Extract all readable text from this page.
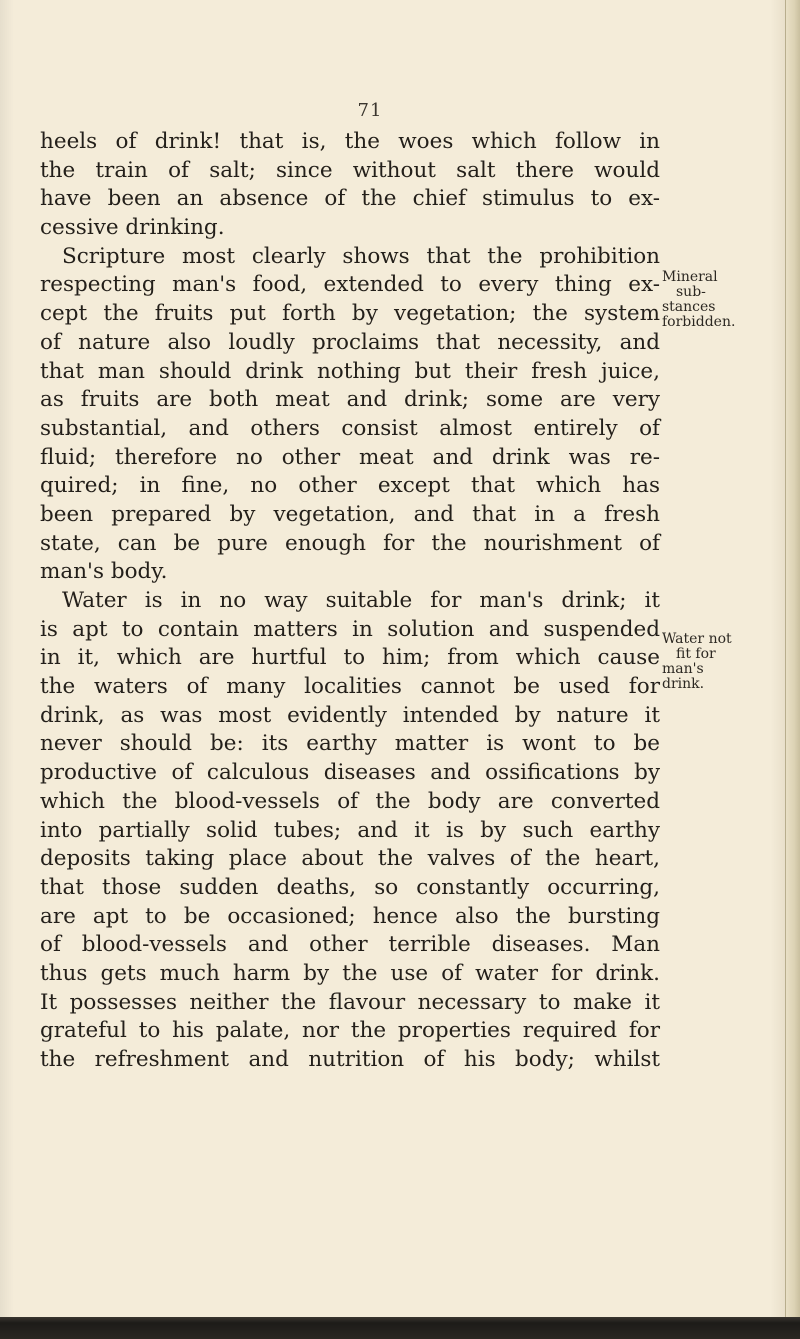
71
heels of drink! that is, the woes which follow in
the train of salt; since without salt there would
have been an absence of the chief stimulus to ex-
cessive drinking.
Scripture most clearly shows that the prohibition
respecting man's food, extended to every thing ex-
cept the fruits put forth by vegetation; the system
of nature also loudly proclaims that necessity, and
that man should drink nothing but their fresh juice,
as fruits are both meat and drink; some are very
substantial, and others consist almost entirely of
fluid; therefore no other meat and drink was re-
quired; in fine, no other except that which has
been prepared by vegetation, and that in a fresh
state, can be pure enough for the nourishment of
man's body.
Water is in no way suitable for man's drink; it
is apt to contain matters in solution and suspended
in it, which are hurtful to him; from which cause
the waters of many localities cannot be used for
drink, as was most evidently intended by nature it
never should be: its earthy matter is wont to be
productive of calculous diseases and ossifications by
which the blood-vessels of the body are converted
into partially solid tubes; and it is by such earthy
deposits taking place about the valves of the heart,
that those sudden deaths, so constantly occurring,
are apt to be occasioned; hence also the bursting
of blood-vessels and other terrible diseases. Man
thus gets much harm by the use of water for drink.
It possesses neither the flavour necessary to make it
grateful to his palate, nor the properties required for
the refreshment and nutrition of his body; whilst
Mineral
sub-
stances
forbidden.
Water not
fit for
man's
drink.
